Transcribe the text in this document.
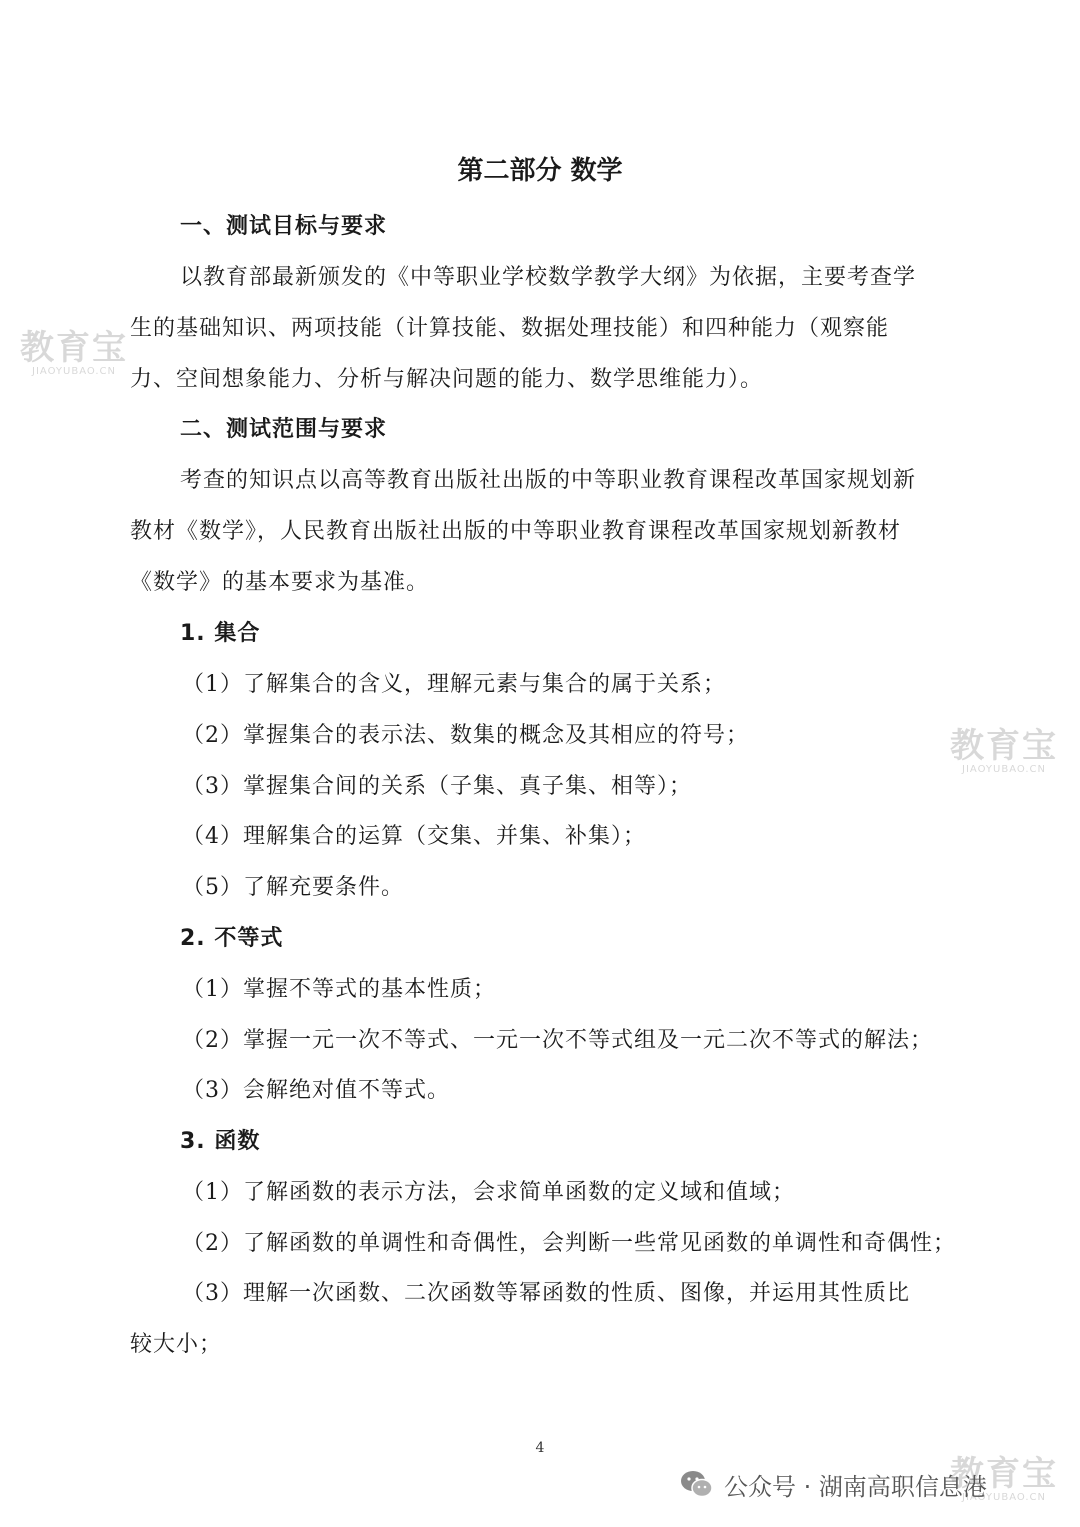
第二部分 数学
一、测试目标与要求
以教育部最新颁发的《中等职业学校数学教学大纲》为依据，主要考查学
生的基础知识、两项技能（计算技能、数据处理技能）和四种能力（观察能
力、空间想象能力、分析与解决问题的能力、数学思维能力）。
二、测试范围与要求
考查的知识点以高等教育出版社出版的中等职业教育课程改革国家规划新
教材《数学》，人民教育出版社出版的中等职业教育课程改革国家规划新教材
《数学》的基本要求为基准。
1. 集合
（1）了解集合的含义，理解元素与集合的属于关系；
（2）掌握集合的表示法、数集的概念及其相应的符号；
（3）掌握集合间的关系（子集、真子集、相等）；
（4）理解集合的运算（交集、并集、补集）；
（5）了解充要条件。
2. 不等式
（1）掌握不等式的基本性质；
（2）掌握一元一次不等式、一元一次不等式组及一元二次不等式的解法；
（3）会解绝对值不等式。
3. 函数
（1）了解函数的表示方法，会求简单函数的定义域和值域；
（2）了解函数的单调性和奇偶性，会判断一些常见函数的单调性和奇偶性；
（3）理解一次函数、二次函数等幂函数的性质、图像，并运用其性质比
较大小；
4
教育宝
JIAOYUBAO.CN
教育宝
JIAOYUBAO.CN
教育宝
JIAOYUBAO.CN
公众号 · 湖南高职信息港
